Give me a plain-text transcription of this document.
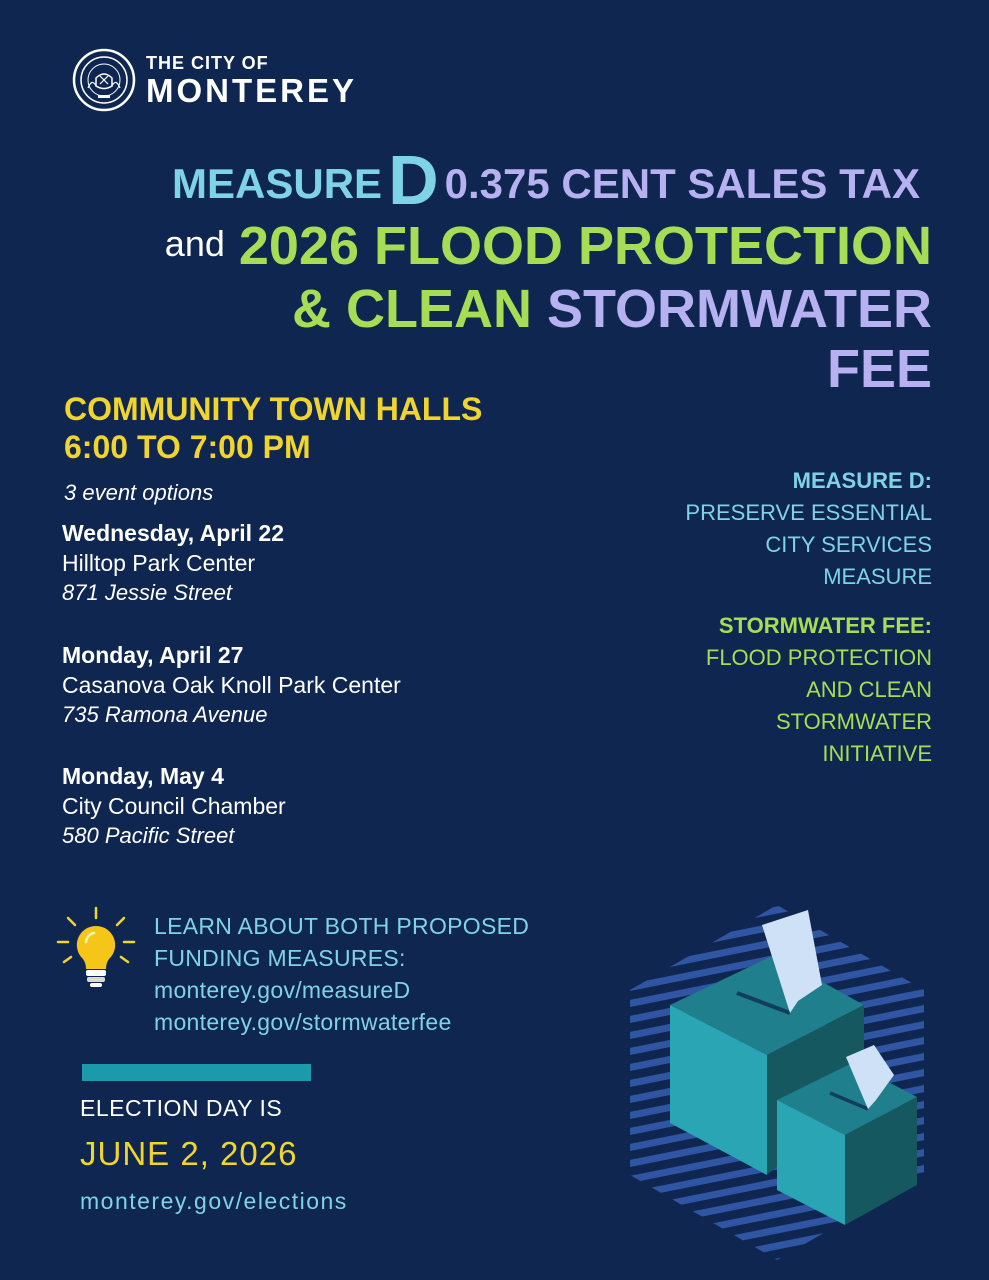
THE CITY OF
MONTEREY
MEASURED 0.375 CENT SALES TAX
and 2026 FLOOD PROTECTION
& CLEAN STORMWATER
FEE
COMMUNITY TOWN HALLS
6:00 TO 7:00 PM
3 event options
Wednesday, April 22
Hilltop Park Center
871 Jessie Street
Monday, April 27
Casanova Oak Knoll Park Center
735 Ramona Avenue
Monday, May 4
City Council Chamber
580 Pacific Street
MEASURE D:
PRESERVE ESSENTIAL
CITY SERVICES
MEASURE
STORMWATER FEE:
FLOOD PROTECTION
AND CLEAN
STORMWATER
INITIATIVE
LEARN ABOUT BOTH PROPOSED
FUNDING MEASURES:
monterey.gov/measureD
monterey.gov/stormwaterfee
ELECTION DAY IS
JUNE 2, 2026
monterey.gov/elections
